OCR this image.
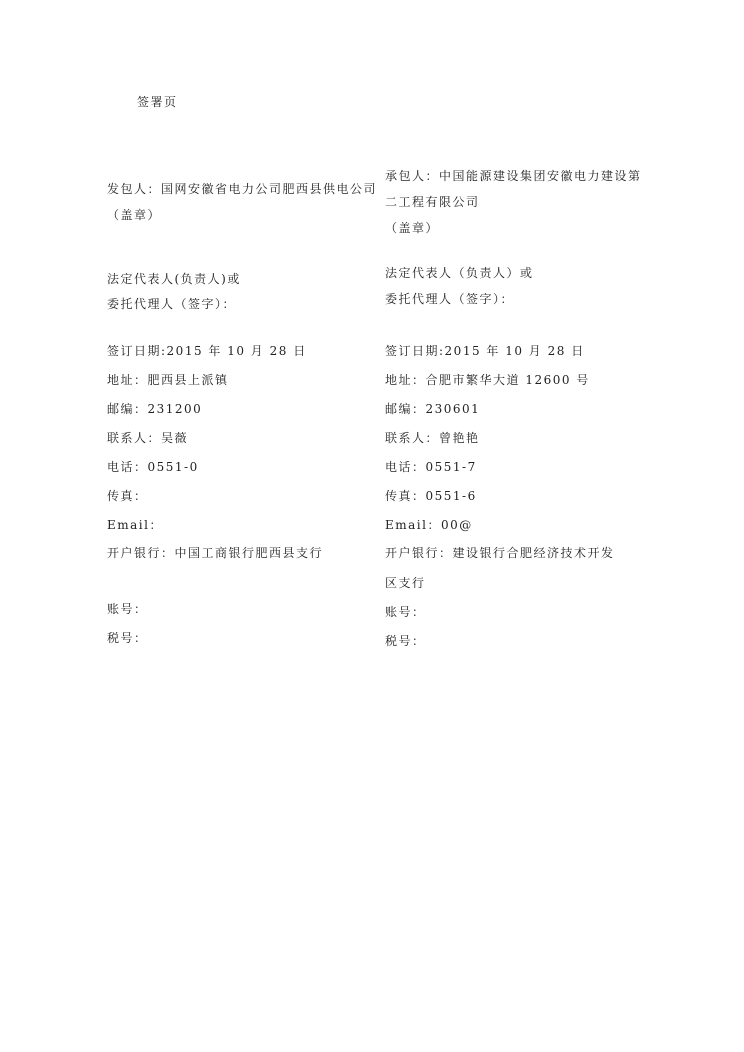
签署页
发包人：国网安徽省电力公司肥西县供电公司
（盖章）
法定代表人(负责人)或
委托代理人（签字）：
签订日期:2015 年 10 月 28 日
地址：肥西县上派镇
邮编：231200
联系人：吴薇
电话：0551-0
传真：
Email：
开户银行：中国工商银行肥西县支行
账号：
税号：
承包人：中国能源建设集团安徽电力建设第
二工程有限公司
（盖章）
法定代表人（负责人）或
委托代理人（签字）：
签订日期:2015 年 10 月 28 日
地址：合肥市繁华大道 12600 号
邮编：230601
联系人：曾艳艳
电话：0551-7
传真：0551-6
Email：00@
开户银行：建设银行合肥经济技术开发
区支行
账号：
税号：
